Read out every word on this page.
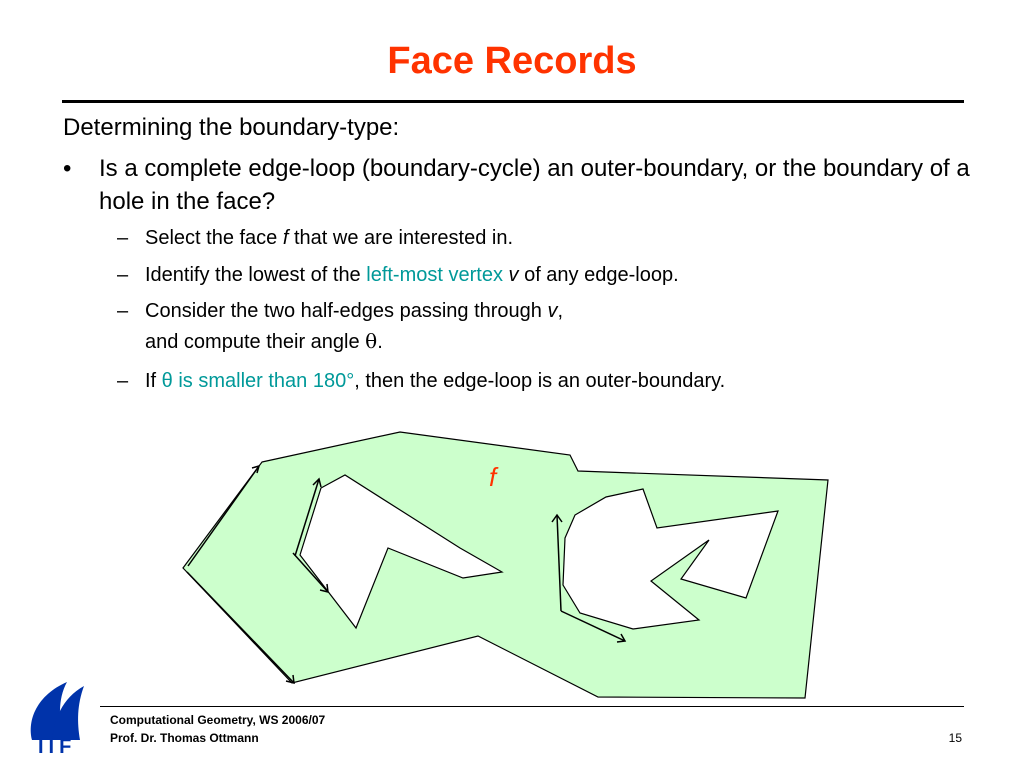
Face Records
Determining the boundary-type:
• Is a complete edge-loop (boundary-cycle) an outer-boundary, or the boundary of a hole in the face?
– Select the face f that we are interested in.
– Identify the lowest of the left-most vertex v of any edge-loop.
– Consider the two half-edges passing through v,
and compute their angle θ.
– If θ is smaller than 180°, then the edge-loop is an outer-boundary.
f
IIF
Computational Geometry, WS 2006/07
Prof. Dr. Thomas Ottmann	15
